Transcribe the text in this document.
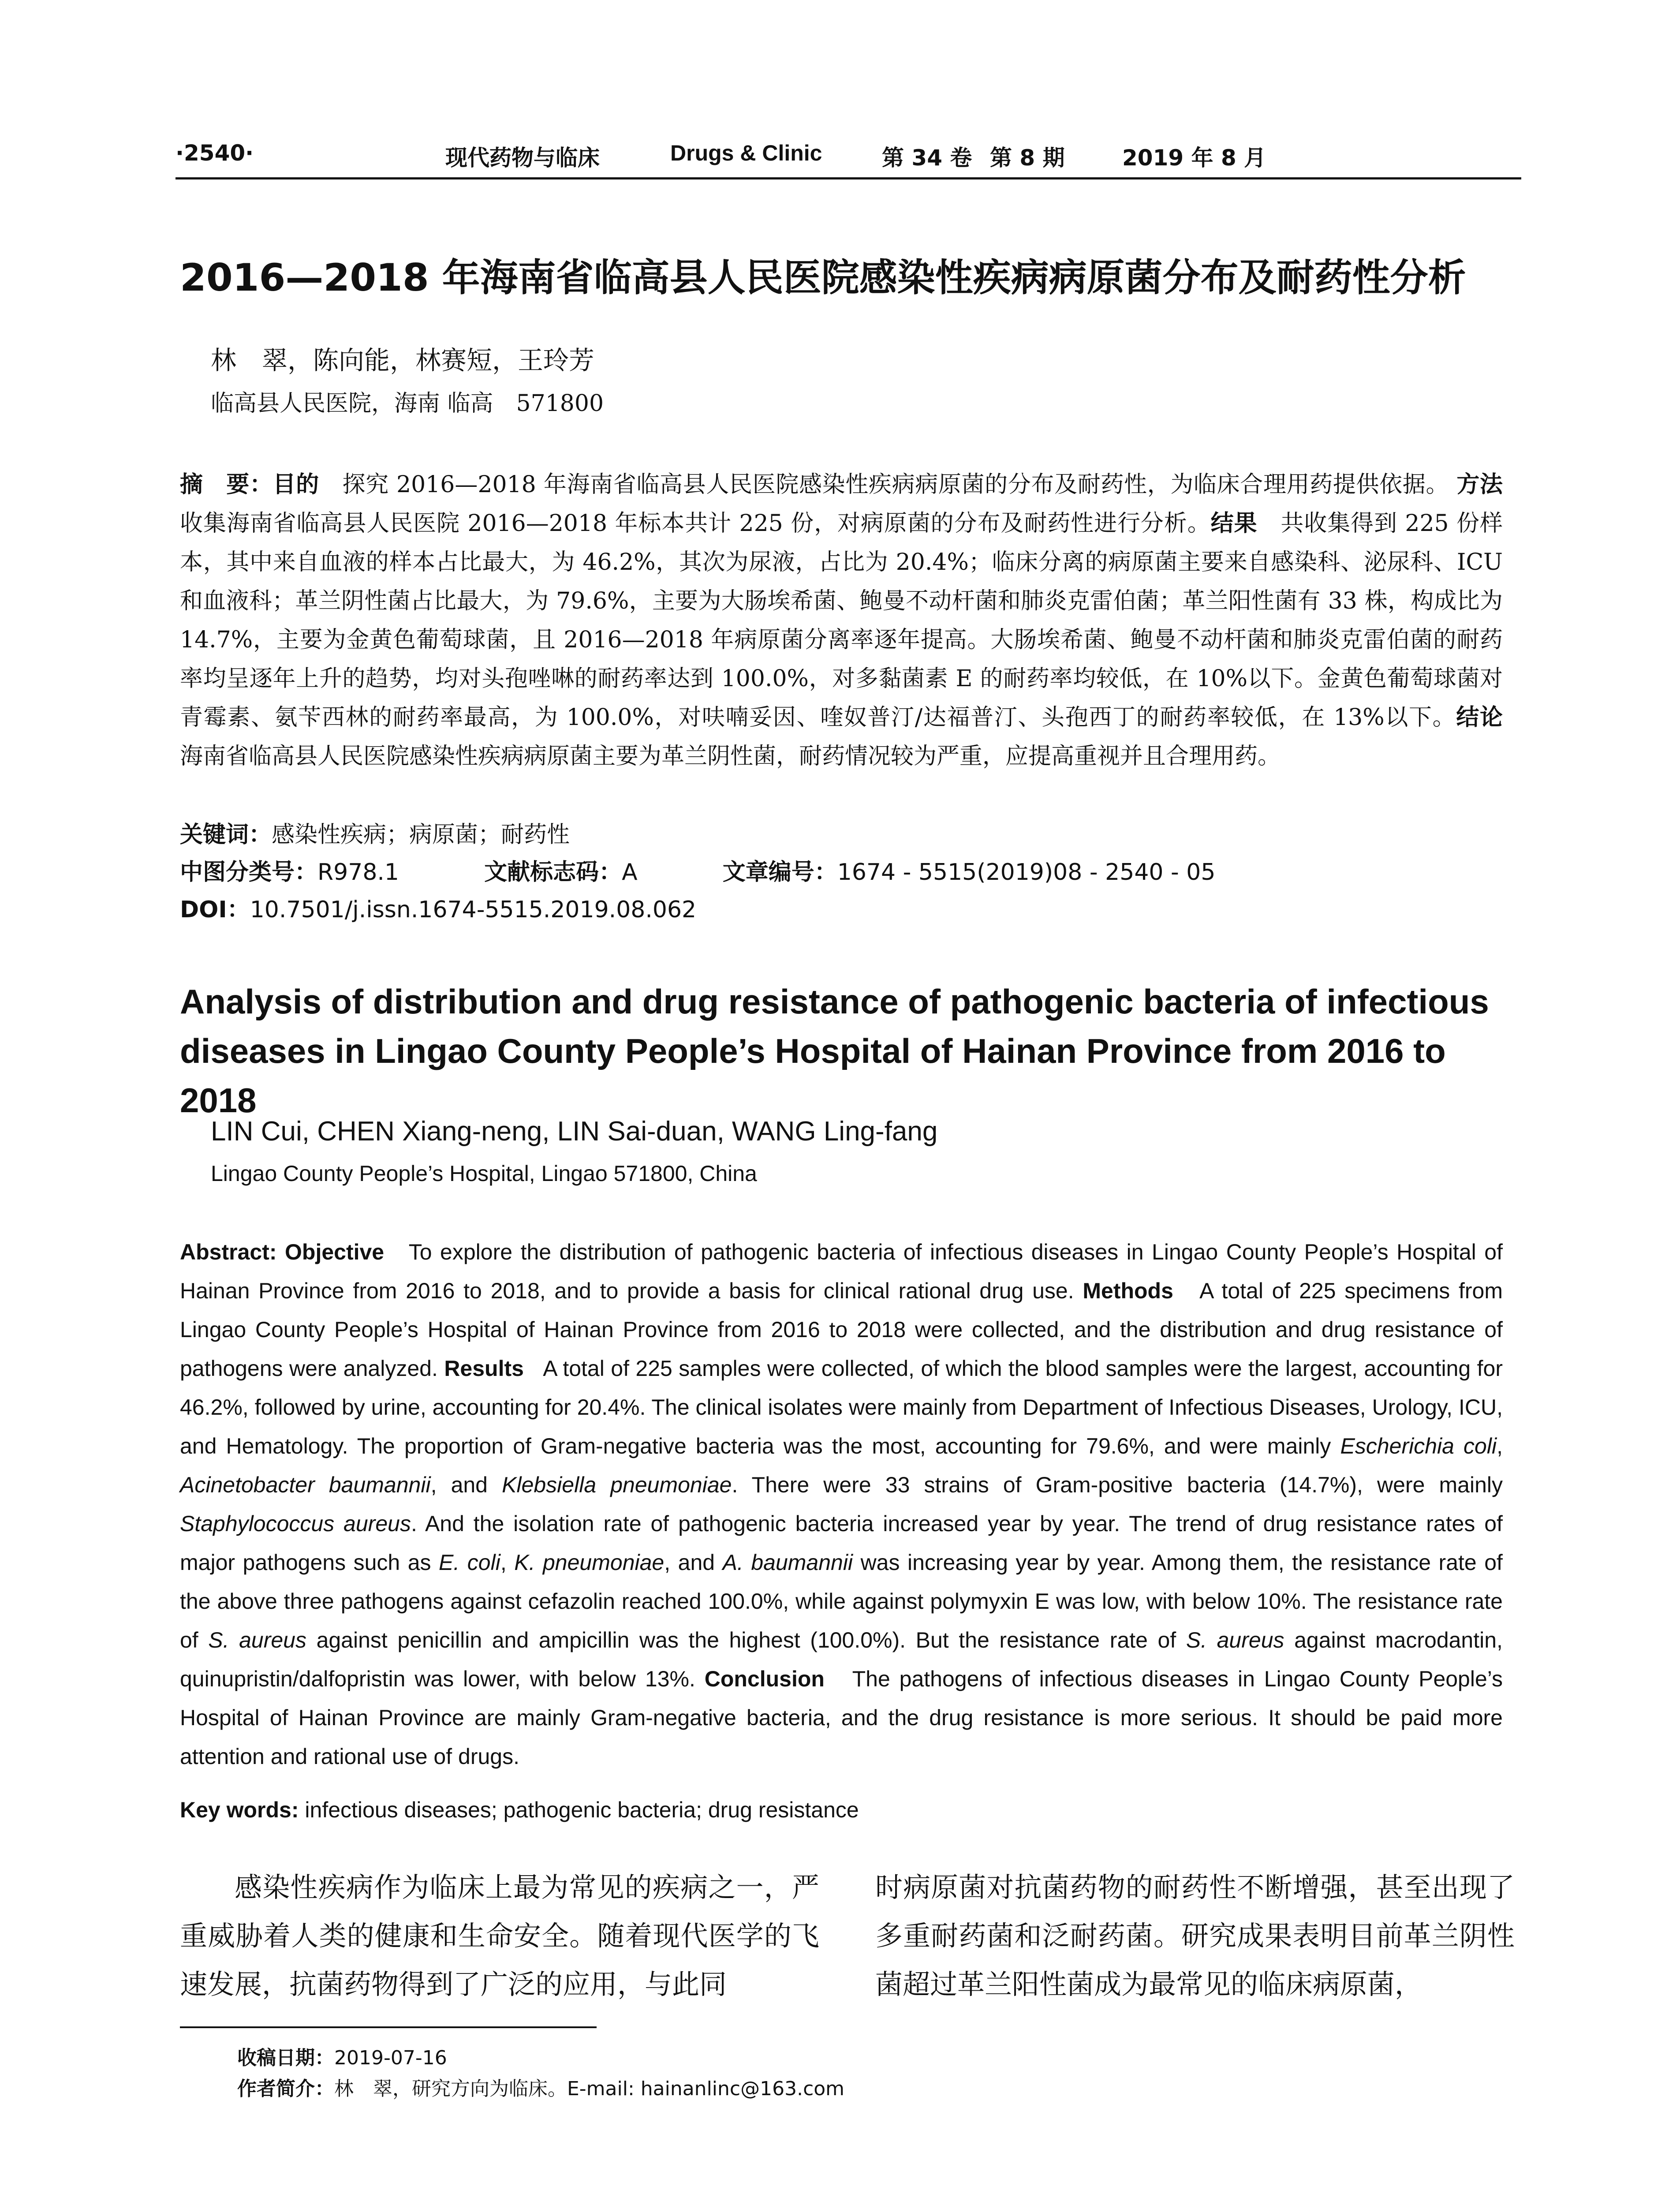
·2540·	现代药物与临床	Drugs & Clinic	第 34 卷 第 8 期	2019 年 8 月
2016—2018 年海南省临高县人民医院感染性疾病病原菌分布及耐药性分析
林　翠，陈向能，林赛短，王玲芳
临高县人民医院，海南 临高　571800
摘　要：目的　 探究 2016—2018 年海南省临高县人民医院感染性疾病病原菌的分布及耐药性，为临床合理用药提供依据。 方法　收集海南省临高县人民医院 2016—2018 年标本共计 225 份，对病原菌的分布及耐药性进行分析。结果　 共收集得到 225 份样本，其中来自血液的样本占比最大，为 46.2%，其次为尿液，占比为 20.4%；临床分离的病原菌主要来自感染科、泌尿科、ICU 和血液科；革兰阴性菌占比最大，为 79.6%，主要为大肠埃希菌、鲍曼不动杆菌和肺炎克雷伯菌；革兰阳性菌有 33 株，构成比为 14.7%，主要为金黄色葡萄球菌，且 2016—2018 年病原菌分离率逐年提高。大肠埃希菌、鲍曼不动杆菌和肺炎克雷伯菌的耐药率均呈逐年上升的趋势，均对头孢唑啉的耐药率达到 100.0%，对多黏菌素 E 的耐药率均较低，在 10%以下。金黄色葡萄球菌对青霉素、氨苄西林的耐药率最高，为 100.0%，对呋喃妥因、喹奴普汀/达福普汀、头孢西丁的耐药率较低，在 13%以下。结论　海南省临高县人民医院感染性疾病病原菌主要为革兰阴性菌，耐药情况较为严重，应提高重视并且合理用药。
关键词：感染性疾病；病原菌；耐药性
中图分类号：R978.1	文献标志码：A	文章编号：1674 - 5515(2019)08 - 2540 - 05
DOI：10.7501/j.issn.1674-5515.2019.08.062
Analysis of distribution and drug resistance of pathogenic bacteria of infectious diseases in Lingao County People’s Hospital of Hainan Province from 2016 to 2018
LIN Cui, CHEN Xiang-neng, LIN Sai-duan, WANG Ling-fang
Lingao County People’s Hospital, Lingao 571800, China
Abstract: Objective To explore the distribution of pathogenic bacteria of infectious diseases in Lingao County People’s Hospital of Hainan Province from 2016 to 2018, and to provide a basis for clinical rational drug use. Methods A total of 225 specimens from Lingao County People’s Hospital of Hainan Province from 2016 to 2018 were collected, and the distribution and drug resistance of pathogens were analyzed. Results A total of 225 samples were collected, of which the blood samples were the largest, accounting for 46.2%, followed by urine, accounting for 20.4%. The clinical isolates were mainly from Department of Infectious Diseases, Urology, ICU, and Hematology. The proportion of Gram-negative bacteria was the most, accounting for 79.6%, and were mainly Escherichia coli, Acinetobacter baumannii, and Klebsiella pneumoniae. There were 33 strains of Gram-positive bacteria (14.7%), were mainly Staphylococcus aureus. And the isolation rate of pathogenic bacteria increased year by year. The trend of drug resistance rates of major pathogens such as E. coli, K. pneumoniae, and A. baumannii was increasing year by year. Among them, the resistance rate of the above three pathogens against cefazolin reached 100.0%, while against polymyxin E was low, with below 10%. The resistance rate of S. aureus against penicillin and ampicillin was the highest (100.0%). But the resistance rate of S. aureus against macrodantin, quinupristin/dalfopristin was lower, with below 13%. Conclusion The pathogens of infectious diseases in Lingao County People’s Hospital of Hainan Province are mainly Gram-negative bacteria, and the drug resistance is more serious. It should be paid more attention and rational use of drugs.
Key words: infectious diseases; pathogenic bacteria; drug resistance
感染性疾病作为临床上最为常见的疾病之一，严重威胁着人类的健康和生命安全。随着现代医学的飞速发展，抗菌药物得到了广泛的应用，与此同
时病原菌对抗菌药物的耐药性不断增强，甚至出现了多重耐药菌和泛耐药菌。研究成果表明目前革兰阴性菌超过革兰阳性菌成为最常见的临床病原菌，
收稿日期：2019-07-16
作者简介：林　翠，研究方向为临床。E-mail: hainanlinc@163.com
